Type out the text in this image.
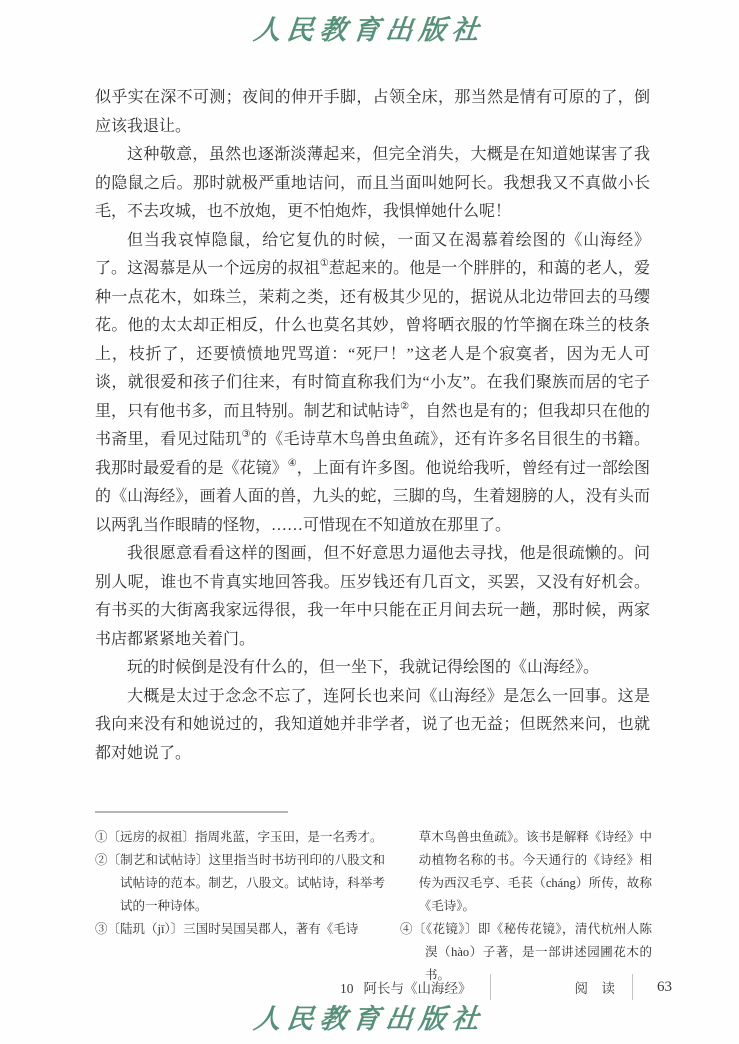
人民教育出版社

似乎实在深不可测；夜间的伸开手脚，占领全床，那当然是情有可原的了，倒应该我退让。

这种敬意，虽然也逐渐淡薄起来，但完全消失，大概是在知道她谋害了我的隐鼠之后。那时就极严重地诘问，而且当面叫她阿长。我想我又不真做小长毛，不去攻城，也不放炮，更不怕炮炸，我惧惮她什么呢！

但当我哀悼隐鼠，给它复仇的时候，一面又在渴慕着绘图的《山海经》了。这渴慕是从一个远房的叔祖①惹起来的。他是一个胖胖的，和蔼的老人，爱种一点花木，如珠兰，茉莉之类，还有极其少见的，据说从北边带回去的马缨花。他的太太却正相反，什么也莫名其妙，曾将晒衣服的竹竿搁在珠兰的枝条上，枝折了，还要愤愤地咒骂道：“死尸！”这老人是个寂寞者，因为无人可谈，就很爱和孩子们往来，有时简直称我们为“小友”。在我们聚族而居的宅子里，只有他书多，而且特别。制艺和试帖诗②，自然也是有的；但我却只在他的书斋里，看见过陆玑③的《毛诗草木鸟兽虫鱼疏》，还有许多名目很生的书籍。我那时最爱看的是《花镜》④，上面有许多图。他说给我听，曾经有过一部绘图的《山海经》，画着人面的兽，九头的蛇，三脚的鸟，生着翅膀的人，没有头而以两乳当作眼睛的怪物，……可惜现在不知道放在那里了。

我很愿意看看这样的图画，但不好意思力逼他去寻找，他是很疏懒的。问别人呢，谁也不肯真实地回答我。压岁钱还有几百文，买罢，又没有好机会。有书买的大街离我家远得很，我一年中只能在正月间去玩一趟，那时候，两家书店都紧紧地关着门。

玩的时候倒是没有什么的，但一坐下，我就记得绘图的《山海经》。

大概是太过于念念不忘了，连阿长也来问《山海经》是怎么一回事。这是我向来没有和她说过的，我知道她并非学者，说了也无益；但既然来问，也就都对她说了。

①〔远房的叔祖〕指周兆蓝，字玉田，是一名秀才。

②〔制艺和试帖诗〕这里指当时书坊刊印的八股文和试帖诗的范本。制艺，八股文。试帖诗，科举考试的一种诗体。

③〔陆玑（jī）〕三国时吴国吴郡人，著有《毛诗

草木鸟兽虫鱼疏》。该书是解释《诗经》中动植物名称的书。今天通行的《诗经》相传为西汉毛亨、毛苌（cháng）所传，故称《毛诗》。

④〔《花镜》〕即《秘传花镜》，清代杭州人陈淏（hào）子著，是一部讲述园圃花木的书。

10 阿长与《山海经》	阅　读	63
人民教育出版社
